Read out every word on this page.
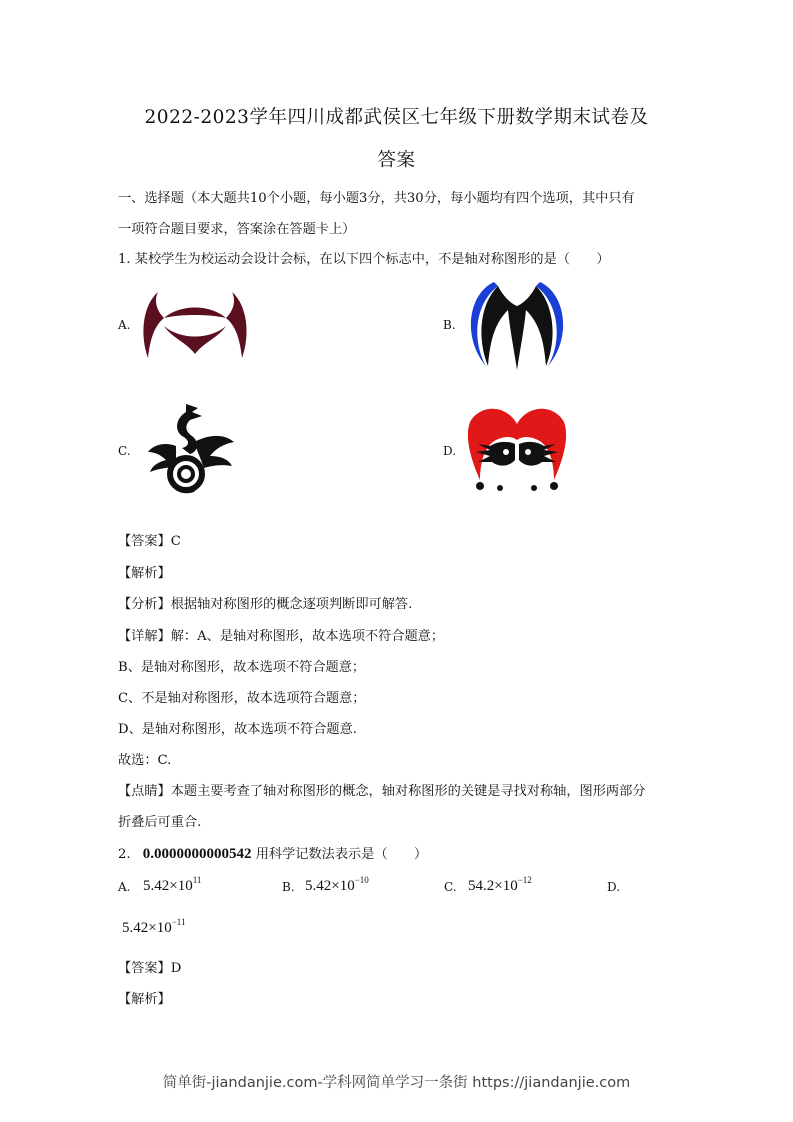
2022-2023学年四川成都武侯区七年级下册数学期末试卷及
答案
一、选择题（本大题共10个小题，每小题3分，共30分，每小题均有四个选项，其中只有
一项符合题目要求，答案涂在答题卡上）
1. 某校学生为校运动会设计会标，在以下四个标志中，不是轴对称图形的是（　　）
A.	B.
C.	D.
【答案】C
【解析】
【分析】根据轴对称图形的概念逐项判断即可解答.
【详解】解：A、是轴对称图形，故本选项不符合题意；
B、是轴对称图形，故本选项不符合题意；
C、不是轴对称图形，故本选项符合题意；
D、是轴对称图形，故本选项不符合题意.
故选：C.
【点睛】本题主要考查了轴对称图形的概念，轴对称图形的关键是寻找对称轴，图形两部分
折叠后可重合.
2. 0.0000000000542 用科学记数法表示是（　　）
A. $5.42\times 10^{11}$	B. $5.42\times 10^{-10}$	C. $54.2\times 10^{-12}$	D.
$5.42\times 10^{-11}$
【答案】D
【解析】
简单街-jiandanjie.com-学科网简单学习一条街 https://jiandanjie.com
